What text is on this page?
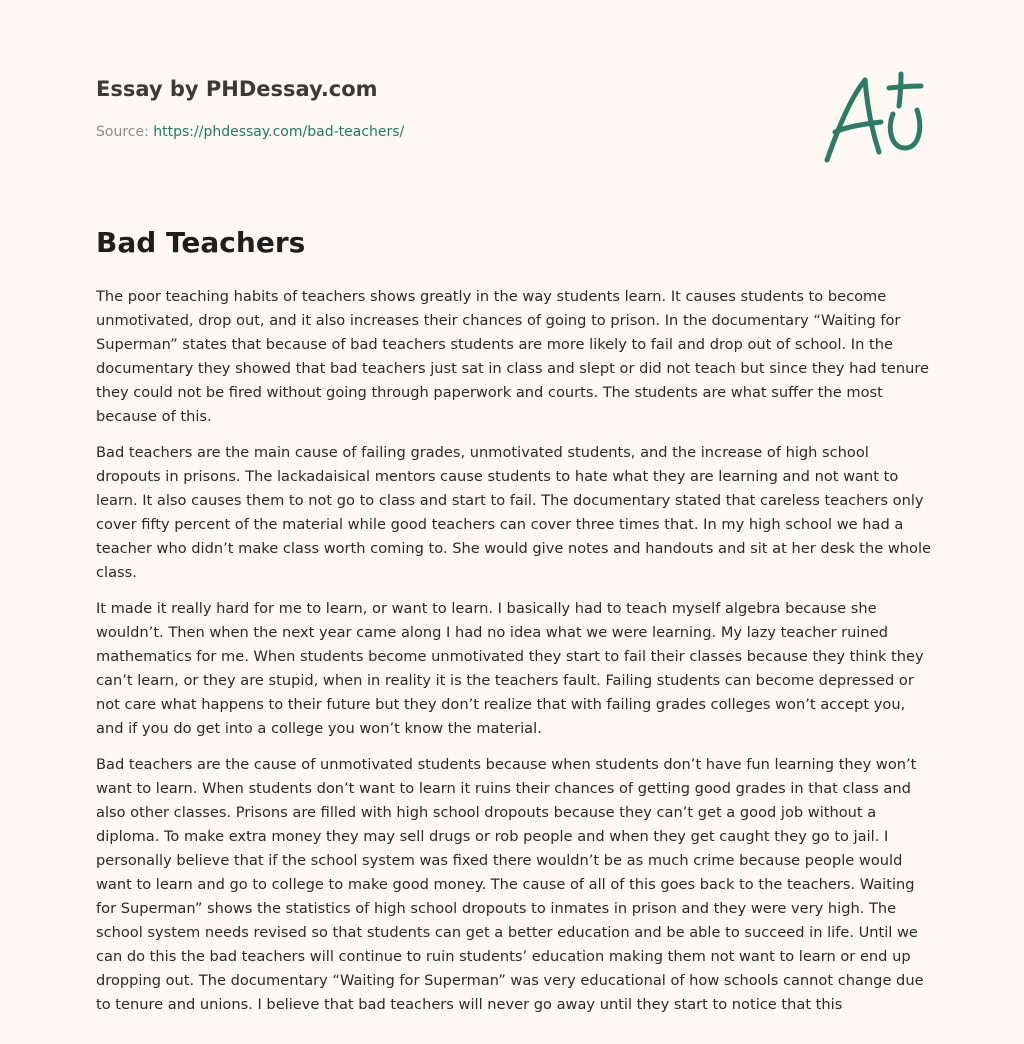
Essay by PHDessay.com
Source: https://phdessay.com/bad-teachers/
Bad Teachers

The poor teaching habits of teachers shows greatly in the way students learn. It causes students to become unmotivated, drop out, and it also increases their chances of going to prison. In the documentary “Waiting for Superman” states that because of bad teachers students are more likely to fail and drop out of school. In the documentary they showed that bad teachers just sat in class and slept or did not teach but since they had tenure they could not be fired without going through paperwork and courts. The students are what suffer the most because of this.

Bad teachers are the main cause of failing grades, unmotivated students, and the increase of high school dropouts in prisons. The lackadaisical mentors cause students to hate what they are learning and not want to learn. It also causes them to not go to class and start to fail. The documentary stated that careless teachers only cover fifty percent of the material while good teachers can cover three times that. In my high school we had a teacher who didn’t make class worth coming to. She would give notes and handouts and sit at her desk the whole class.

It made it really hard for me to learn, or want to learn. I basically had to teach myself algebra because she wouldn’t. Then when the next year came along I had no idea what we were learning. My lazy teacher ruined mathematics for me. When students become unmotivated they start to fail their classes because they think they can’t learn, or they are stupid, when in reality it is the teachers fault. Failing students can become depressed or not care what happens to their future but they don’t realize that with failing grades colleges won’t accept you, and if you do get into a college you won’t know the material.

Bad teachers are the cause of unmotivated students because when students don’t have fun learning they won’t want to learn. When students don’t want to learn it ruins their chances of getting good grades in that class and also other classes. Prisons are filled with high school dropouts because they can’t get a good job without a diploma. To make extra money they may sell drugs or rob people and when they get caught they go to jail. I personally believe that if the school system was fixed there wouldn’t be as much crime because people would want to learn and go to college to make good money. The cause of all of this goes back to the teachers. Waiting for Superman” shows the statistics of high school dropouts to inmates in prison and they were very high. The school system needs revised so that students can get a better education and be able to succeed in life. Until we can do this the bad teachers will continue to ruin students’ education making them not want to learn or end up dropping out. The documentary “Waiting for Superman” was very educational of how schools cannot change due to tenure and unions. I believe that bad teachers will never go away until they start to notice that this
